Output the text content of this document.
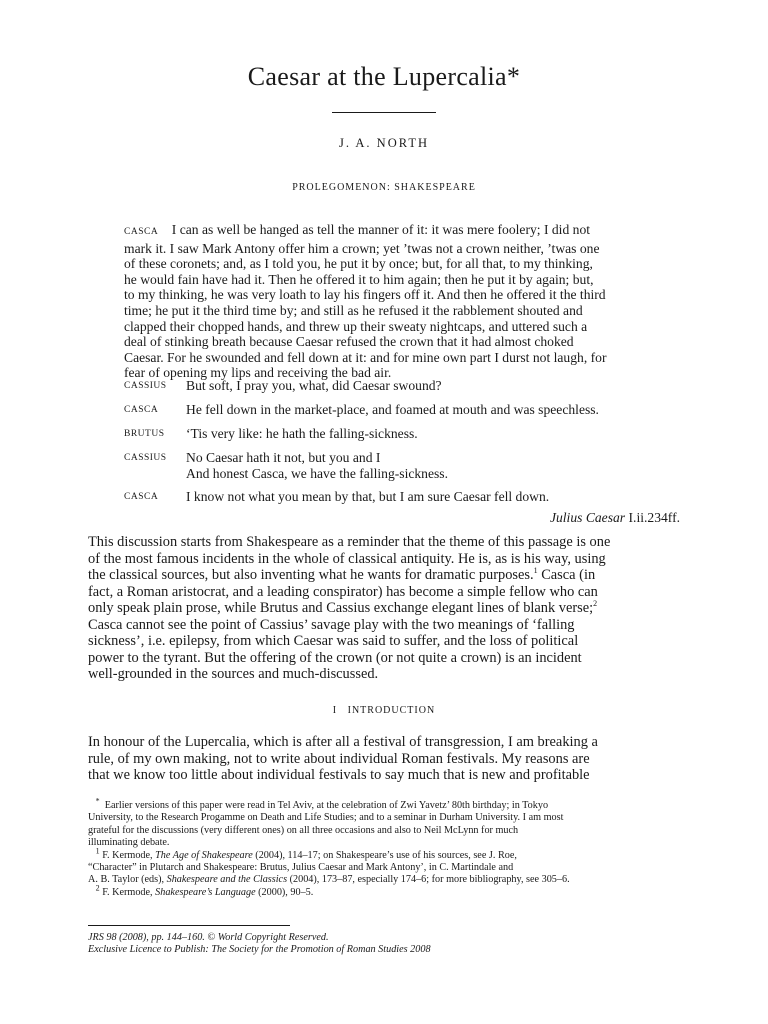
Caesar at the Lupercalia*
J. A. NORTH
PROLEGOMENON: SHAKESPEARE
CASCA I can as well be hanged as tell the manner of it: it was mere foolery; I did not
mark it. I saw Mark Antony offer him a crown; yet ’twas not a crown neither, ’twas one
of these coronets; and, as I told you, he put it by once; but, for all that, to my thinking,
he would fain have had it. Then he offered it to him again; then he put it by again; but,
to my thinking, he was very loath to lay his fingers off it. And then he offered it the third
time; he put it the third time by; and still as he refused it the rabblement shouted and
clapped their chopped hands, and threw up their sweaty nightcaps, and uttered such a
deal of stinking breath because Caesar refused the crown that it had almost choked
Caesar. For he swounded and fell down at it: and for mine own part I durst not laugh, for
fear of opening my lips and receiving the bad air.
CASSIUS But soft, I pray you, what, did Caesar swound?
CASCA He fell down in the market-place, and foamed at mouth and was speechless.
BRUTUS ‘Tis very like: he hath the falling-sickness.
CASSIUS No Caesar hath it not, but you and I
And honest Casca, we have the falling-sickness.
CASCA I know not what you mean by that, but I am sure Caesar fell down.
Julius Caesar I.ii.234ff.
This discussion starts from Shakespeare as a reminder that the theme of this passage is one
of the most famous incidents in the whole of classical antiquity. He is, as is his way, using
the classical sources, but also inventing what he wants for dramatic purposes.$^1$ Casca (in
fact, a Roman aristocrat, and a leading conspirator) has become a simple fellow who can
only speak plain prose, while Brutus and Cassius exchange elegant lines of blank verse;$^2$
Casca cannot see the point of Cassius’ savage play with the two meanings of ‘falling
sickness’, i.e. epilepsy, from which Caesar was said to suffer, and the loss of political
power to the tyrant. But the offering of the crown (or not quite a crown) is an incident
well-grounded in the sources and much-discussed.
I   INTRODUCTION
In honour of the Lupercalia, which is after all a festival of transgression, I am breaking a
rule, of my own making, not to write about individual Roman festivals. My reasons are
that we know too little about individual festivals to say much that is new and profitable
* Earlier versions of this paper were read in Tel Aviv, at the celebration of Zwi Yavetz’ 80th birthday; in Tokyo
University, to the Research Progamme on Death and Life Studies; and to a seminar in Durham University. I am most
grateful for the discussions (very different ones) on all three occasions and also to Neil McLynn for much
illuminating debate.
$^1$ F. Kermode, The Age of Shakespeare (2004), 114–17; on Shakespeare’s use of his sources, see J. Roe,
“Character” in Plutarch and Shakespeare: Brutus, Julius Caesar and Mark Antony’, in C. Martindale and
A. B. Taylor (eds), Shakespeare and the Classics (2004), 173–87, especially 174–6; for more bibliography, see 305–6.
$^2$ F. Kermode, Shakespeare’s Language (2000), 90–5.
JRS 98 (2008), pp. 144–160. © World Copyright Reserved.
Exclusive Licence to Publish: The Society for the Promotion of Roman Studies 2008
